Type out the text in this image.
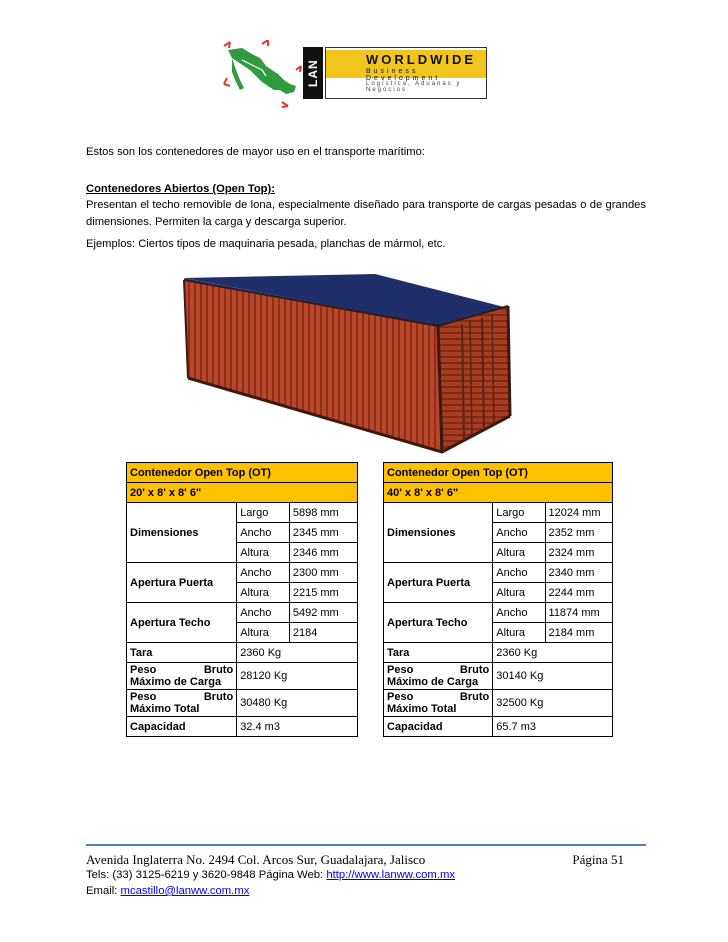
LAN	WORLDWIDE
Business Development
Logística, Aduanas y Negocios
Estos son los contenedores de mayor uso en el transporte marítimo:
Contenedores Abiertos (Open Top):
Presentan el techo removible de lona, especialmente diseñado para transporte de cargas pesadas o de grandes dimensiones. Permiten la carga y descarga superior.
Ejemplos: Ciertos tipos de maquinaria pesada, planchas de mármol, etc.
Contenedor Open Top (OT)		
20' x 8' x 8' 6"		
Dimensiones	Largo	5898 mm
	Ancho	2345 mm
	Altura	2346 mm
Apertura Puerta	Ancho	2300 mm
	Altura	2215 mm
Apertura Techo	Ancho	5492 mm
	Altura	2184
Tara	2360 Kg	

Peso Bruto
Máximo de Carga	28120 Kg	

Peso Bruto
Máximo Total	30480 Kg	
Capacidad	32.4 m3	
Contenedor Open Top (OT)		
40' x 8' x 8' 6"		
Dimensiones	Largo	12024 mm
	Ancho	2352 mm
	Altura	2324 mm
Apertura Puerta	Ancho	2340 mm
	Altura	2244 mm
Apertura Techo	Ancho	11874 mm
	Altura	2184 mm
Tara	2360 Kg	

Peso Bruto
Máximo de Carga	30140 Kg	

Peso Bruto
Máximo Total	32500 Kg	
Capacidad	65.7 m3	
Avenida Inglaterra No. 2494 Col. Arcos Sur, Guadalajara, Jalisco	Página 51
Tels: (33) 3125-6219 y 3620-9848 Página Web: http://www.lanww.com.mx
Email: mcastillo@lanww.com.mx
